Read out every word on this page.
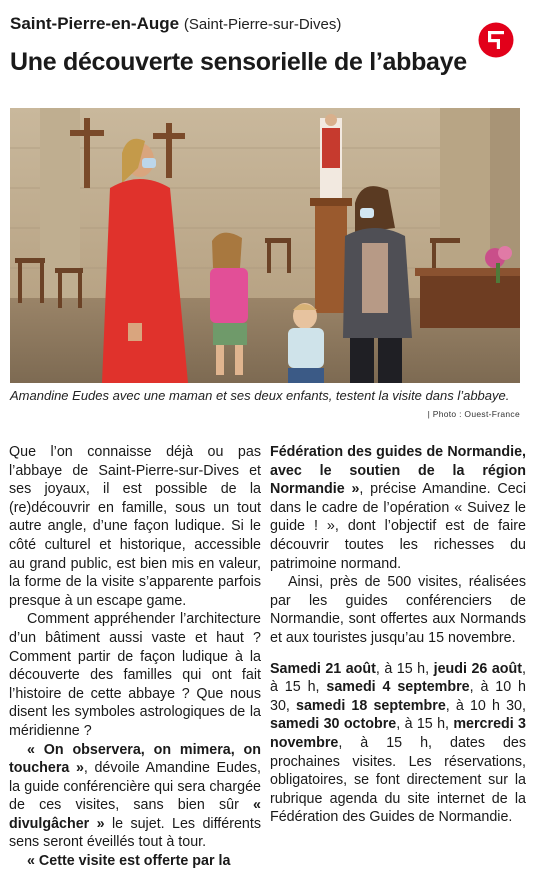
Saint-Pierre-en-Auge (Saint-Pierre-sur-Dives)
Une découverte sensorielle de l’abbaye
Amandine Eudes avec une maman et ses deux enfants, testent la visite dans l’abbaye.
| Photo : Ouest-France

Que l’on connaisse déjà ou pas l’abbaye de Saint-Pierre-sur-Dives et ses joyaux, il est possible de la (re)découvrir en famille, sous un tout autre angle, d’une façon ludique. Si le côté culturel et historique, accessible au grand public, est bien mis en valeur, la forme de la visite s’apparente parfois presque à un escape game.

Comment appréhender l’architecture d’un bâtiment aussi vaste et haut ? Comment partir de façon ludique à la découverte des familles qui ont fait l’histoire de cette abbaye ? Que nous disent les symboles astrologiques de la méridienne ?

« On observera, on mimera, on touchera », dévoile Amandine Eudes, la guide conférencière qui sera chargée de ces visites, sans bien sûr « divulgâcher » le sujet. Les différents sens seront éveillés tout à tour.

« Cette visite est offerte par la

Fédération des guides de Normandie, avec le soutien de la région Normandie », précise Amandine. Ceci dans le cadre de l’opération « Suivez le guide ! », dont l’objectif est de faire découvrir toutes les richesses du patrimoine normand.

Ainsi, près de 500 visites, réalisées par les guides conférenciers de Normandie, sont offertes aux Normands et aux touristes jusqu’au 15 novembre.

Samedi 21 août, à 15 h, jeudi 26 août, à 15 h, samedi 4 septembre, à 10 h 30, samedi 18 septembre, à 10 h 30, samedi 30 octobre, à 15 h, mercredi 3 novembre, à 15 h, dates des prochaines visites. Les réservations, obligatoires, se font directement sur la rubrique agenda du site internet de la Fédération des Guides de Normandie.
